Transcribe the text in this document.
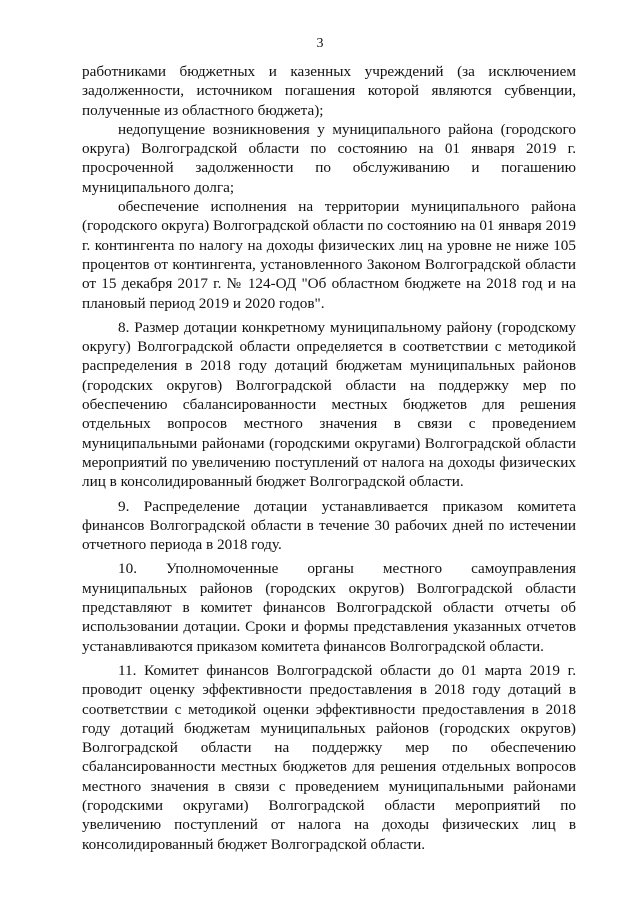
3

работниками бюджетных и казенных учреждений (за исключением задолженности, источником погашения которой являются субвенции, полученные из областного бюджета);

недопущение возникновения у муниципального района (городского округа) Волгоградской области по состоянию на 01 января 2019 г. просроченной задолженности по обслуживанию и погашению муниципального долга;

обеспечение исполнения на территории муниципального района (городского округа) Волгоградской области по состоянию на 01 января 2019 г. контингента по налогу на доходы физических лиц на уровне не ниже 105 процентов от контингента, установленного Законом Волгоградской области от 15 декабря 2017 г. № 124-ОД "Об областном бюджете на 2018 год и на плановый период 2019 и 2020 годов".

8. Размер дотации конкретному муниципальному району (городскому округу) Волгоградской области определяется в соответствии с методикой распределения в 2018 году дотаций бюджетам муниципальных районов (городских округов) Волгоградской области на поддержку мер по обеспечению сбалансированности местных бюджетов для решения отдельных вопросов местного значения в связи с проведением муниципальными районами (городскими округами) Волгоградской области мероприятий по увеличению поступлений от налога на доходы физических лиц в консолидированный бюджет Волгоградской области.

9. Распределение дотации устанавливается приказом комитета финансов Волгоградской области в течение 30 рабочих дней по истечении отчетного периода в 2018 году.

10. Уполномоченные органы местного самоуправления муниципальных районов (городских округов) Волгоградской области представляют в комитет финансов Волгоградской области отчеты об использовании дотации. Сроки и формы представления указанных отчетов устанавливаются приказом комитета финансов Волгоградской области.

11. Комитет финансов Волгоградской области до 01 марта 2019 г. проводит оценку эффективности предоставления в 2018 году дотаций в соответствии с методикой оценки эффективности предоставления в 2018 году дотаций бюджетам муниципальных районов (городских округов) Волгоградской области на поддержку мер по обеспечению сбалансированности местных бюджетов для решения отдельных вопросов местного значения в связи с проведением муниципальными районами (городскими округами) Волгоградской области мероприятий по увеличению поступлений от налога на доходы физических лиц в консолидированный бюджет Волгоградской области.
